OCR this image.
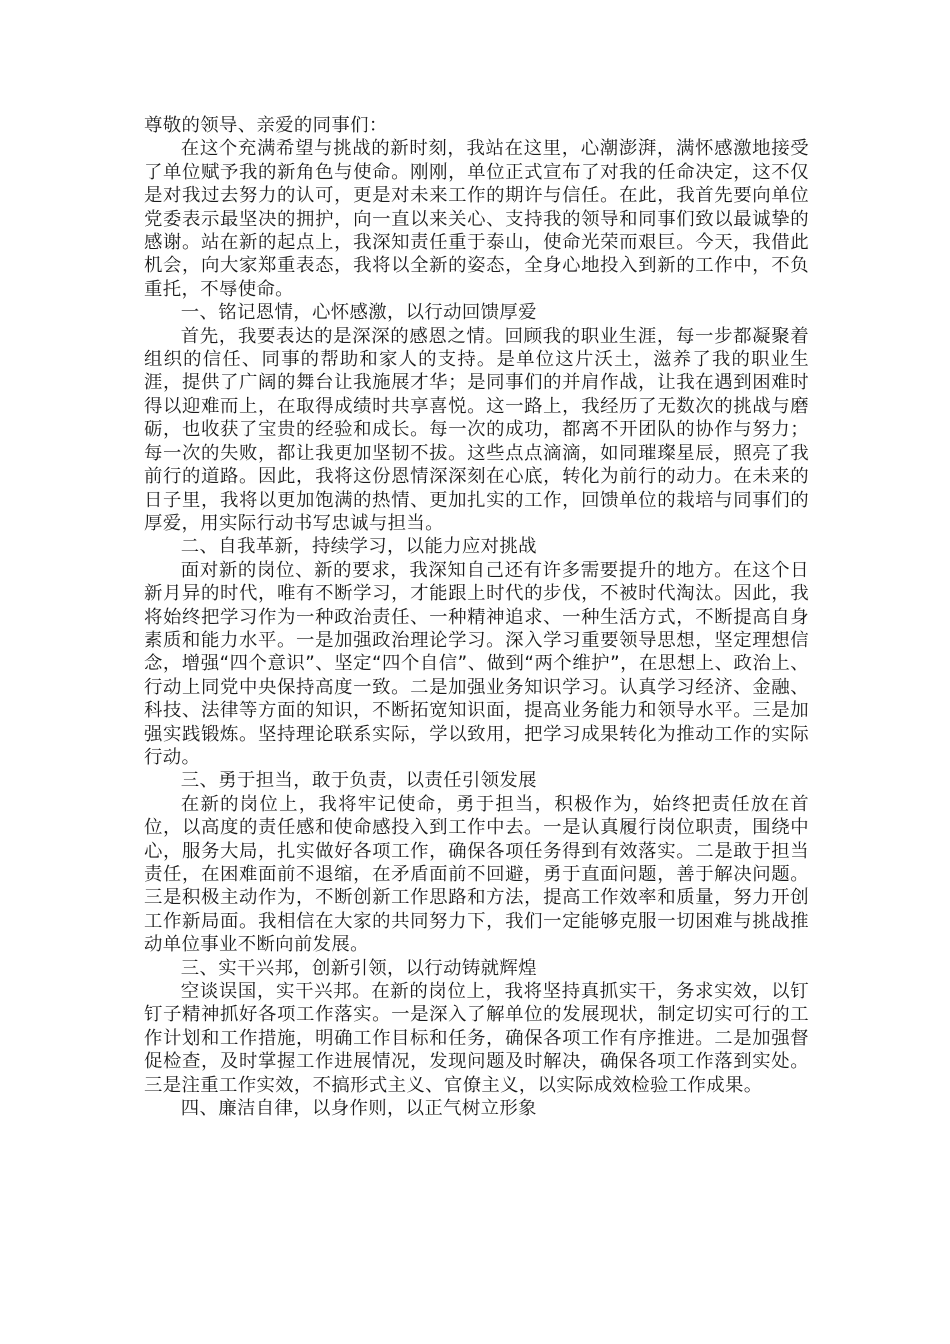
尊敬的领导、亲爱的同事们：

在这个充满希望与挑战的新时刻，我站在这里，心潮澎湃，满怀感激地接受了单位赋予我的新角色与使命。刚刚，单位正式宣布了对我的任命决定，这不仅是对我过去努力的认可，更是对未来工作的期许与信任。在此，我首先要向单位党委表示最坚决的拥护，向一直以来关心、支持我的领导和同事们致以最诚挚的感谢。站在新的起点上，我深知责任重于泰山，使命光荣而艰巨。今天，我借此机会，向大家郑重表态，我将以全新的姿态，全身心地投入到新的工作中，不负重托，不辱使命。

一、铭记恩情，心怀感激，以行动回馈厚爱

首先，我要表达的是深深的感恩之情。回顾我的职业生涯，每一步都凝聚着组织的信任、同事的帮助和家人的支持。是单位这片沃土，滋养了我的职业生涯，提供了广阔的舞台让我施展才华；是同事们的并肩作战，让我在遇到困难时得以迎难而上，在取得成绩时共享喜悦。这一路上，我经历了无数次的挑战与磨砺，也收获了宝贵的经验和成长。每一次的成功，都离不开团队的协作与努力；每一次的失败，都让我更加坚韧不拔。这些点点滴滴，如同璀璨星辰，照亮了我前行的道路。因此，我将这份恩情深深刻在心底，转化为前行的动力。在未来的日子里，我将以更加饱满的热情、更加扎实的工作，回馈单位的栽培与同事们的厚爱，用实际行动书写忠诚与担当。

二、自我革新，持续学习，以能力应对挑战

面对新的岗位、新的要求，我深知自己还有许多需要提升的地方。在这个日新月异的时代，唯有不断学习，才能跟上时代的步伐，不被时代淘汰。因此，我将始终把学习作为一种政治责任、一种精神追求、一种生活方式，不断提高自身素质和能力水平。一是加强政治理论学习。深入学习重要领导思想，坚定理想信念，增强“四个意识”、坚定“四个自信”、做到“两个维护”，在思想上、政治上、行动上同党中央保持高度一致。二是加强业务知识学习。认真学习经济、金融、科技、法律等方面的知识，不断拓宽知识面，提高业务能力和领导水平。三是加强实践锻炼。坚持理论联系实际，学以致用，把学习成果转化为推动工作的实际行动。

三、勇于担当，敢于负责，以责任引领发展

在新的岗位上，我将牢记使命，勇于担当，积极作为，始终把责任放在首位，以高度的责任感和使命感投入到工作中去。一是认真履行岗位职责，围绕中心，服务大局，扎实做好各项工作，确保各项任务得到有效落实。二是敢于担当责任，在困难面前不退缩，在矛盾面前不回避，勇于直面问题，善于解决问题。三是积极主动作为，不断创新工作思路和方法，提高工作效率和质量，努力开创工作新局面。我相信在大家的共同努力下，我们一定能够克服一切困难与挑战推动单位事业不断向前发展。

三、实干兴邦，创新引领，以行动铸就辉煌

空谈误国，实干兴邦。在新的岗位上，我将坚持真抓实干，务求实效，以钉钉子精神抓好各项工作落实。一是深入了解单位的发展现状，制定切实可行的工作计划和工作措施，明确工作目标和任务，确保各项工作有序推进。二是加强督促检查，及时掌握工作进展情况，发现问题及时解决，确保各项工作落到实处。三是注重工作实效，不搞形式主义、官僚主义，以实际成效检验工作成果。

四、廉洁自律，以身作则，以正气树立形象
